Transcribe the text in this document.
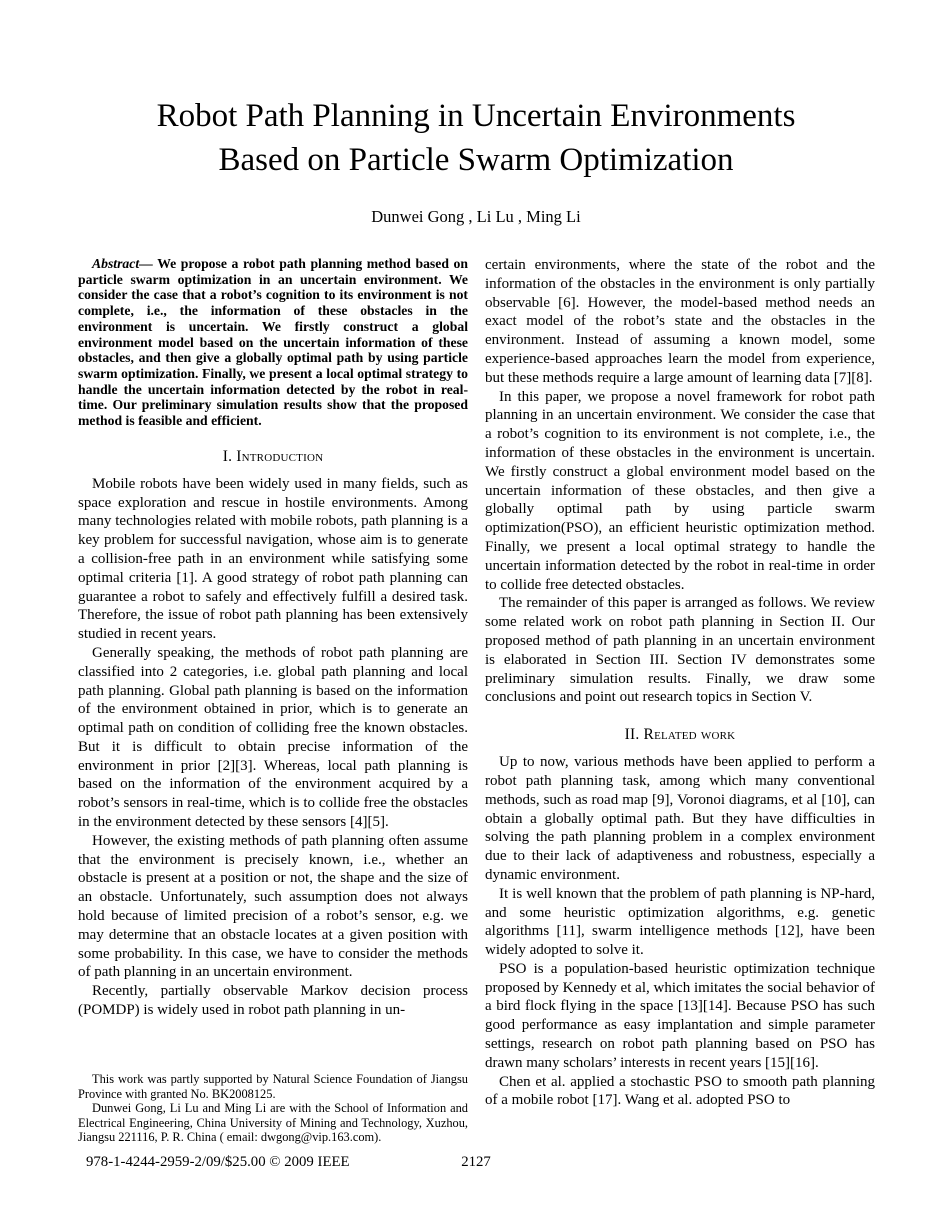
Robot Path Planning in Uncertain Environments
Based on Particle Swarm Optimization
Dunwei Gong , Li Lu , Ming Li

Abstract— We propose a robot path planning method based on particle swarm optimization in an uncertain environment. We consider the case that a robot’s cognition to its environment is not complete, i.e., the information of these obstacles in the environment is uncertain. We firstly construct a global environment model based on the uncertain information of these obstacles, and then give a globally optimal path by using particle swarm optimization. Finally, we present a local optimal strategy to handle the uncertain information detected by the robot in real-time. Our preliminary simulation results show that the proposed method is feasible and efficient.

I. Introduction

Mobile robots have been widely used in many fields, such as space exploration and rescue in hostile environments. Among many technologies related with mobile robots, path planning is a key problem for successful navigation, whose aim is to generate a collision-free path in an environment while satisfying some optimal criteria [1]. A good strategy of robot path planning can guarantee a robot to safely and effectively fulfill a desired task. Therefore, the issue of robot path planning has been extensively studied in recent years.

Generally speaking, the methods of robot path planning are classified into 2 categories, i.e. global path planning and local path planning. Global path planning is based on the information of the environment obtained in prior, which is to generate an optimal path on condition of colliding free the known obstacles. But it is difficult to obtain precise information of the environment in prior [2][3]. Whereas, local path planning is based on the information of the environment acquired by a robot’s sensors in real-time, which is to collide free the obstacles in the environment detected by these sensors [4][5].

However, the existing methods of path planning often assume that the environment is precisely known, i.e., whether an obstacle is present at a position or not, the shape and the size of an obstacle. Unfortunately, such assumption does not always hold because of limited precision of a robot’s sensor, e.g. we may determine that an obstacle locates at a given position with some probability. In this case, we have to consider the methods of path planning in an uncertain environment.

Recently, partially observable Markov decision process (POMDP) is widely used in robot path planning in un-

This work was partly supported by Natural Science Foundation of Jiangsu Province with granted No. BK2008125.

Dunwei Gong, Li Lu and Ming Li are with the School of Information and Electrical Engineering, China University of Mining and Technology, Xuzhou, Jiangsu 221116, P. R. China ( email: dwgong@vip.163.com).

certain environments, where the state of the robot and the information of the obstacles in the environment is only partially observable [6]. However, the model-based method needs an exact model of the robot’s state and the obstacles in the environment. Instead of assuming a known model, some experience-based approaches learn the model from experience, but these methods require a large amount of learning data [7][8].

In this paper, we propose a novel framework for robot path planning in an uncertain environment. We consider the case that a robot’s cognition to its environment is not complete, i.e., the information of these obstacles in the environment is uncertain. We firstly construct a global environment model based on the uncertain information of these obstacles, and then give a globally optimal path by using particle swarm optimization(PSO), an efficient heuristic optimization method. Finally, we present a local optimal strategy to handle the uncertain information detected by the robot in real-time in order to collide free detected obstacles.

The remainder of this paper is arranged as follows. We review some related work on robot path planning in Section II. Our proposed method of path planning in an uncertain environment is elaborated in Section III. Section IV demonstrates some preliminary simulation results. Finally, we draw some conclusions and point out research topics in Section V.

II. Related work

Up to now, various methods have been applied to perform a robot path planning task, among which many conventional methods, such as road map [9], Voronoi diagrams, et al [10], can obtain a globally optimal path. But they have difficulties in solving the path planning problem in a complex environment due to their lack of adaptiveness and robustness, especially a dynamic environment.

It is well known that the problem of path planning is NP-hard, and some heuristic optimization algorithms, e.g. genetic algorithms [11], swarm intelligence methods [12], have been widely adopted to solve it.

PSO is a population-based heuristic optimization technique proposed by Kennedy et al, which imitates the social behavior of a bird flock flying in the space [13][14]. Because PSO has such good performance as easy implantation and simple parameter settings, research on robot path planning based on PSO has drawn many scholars’ interests in recent years [15][16].

Chen et al. applied a stochastic PSO to smooth path planning of a mobile robot [17]. Wang et al. adopted PSO to

978-1-4244-2959-2/09/$25.00 © 2009 IEEE	2127
